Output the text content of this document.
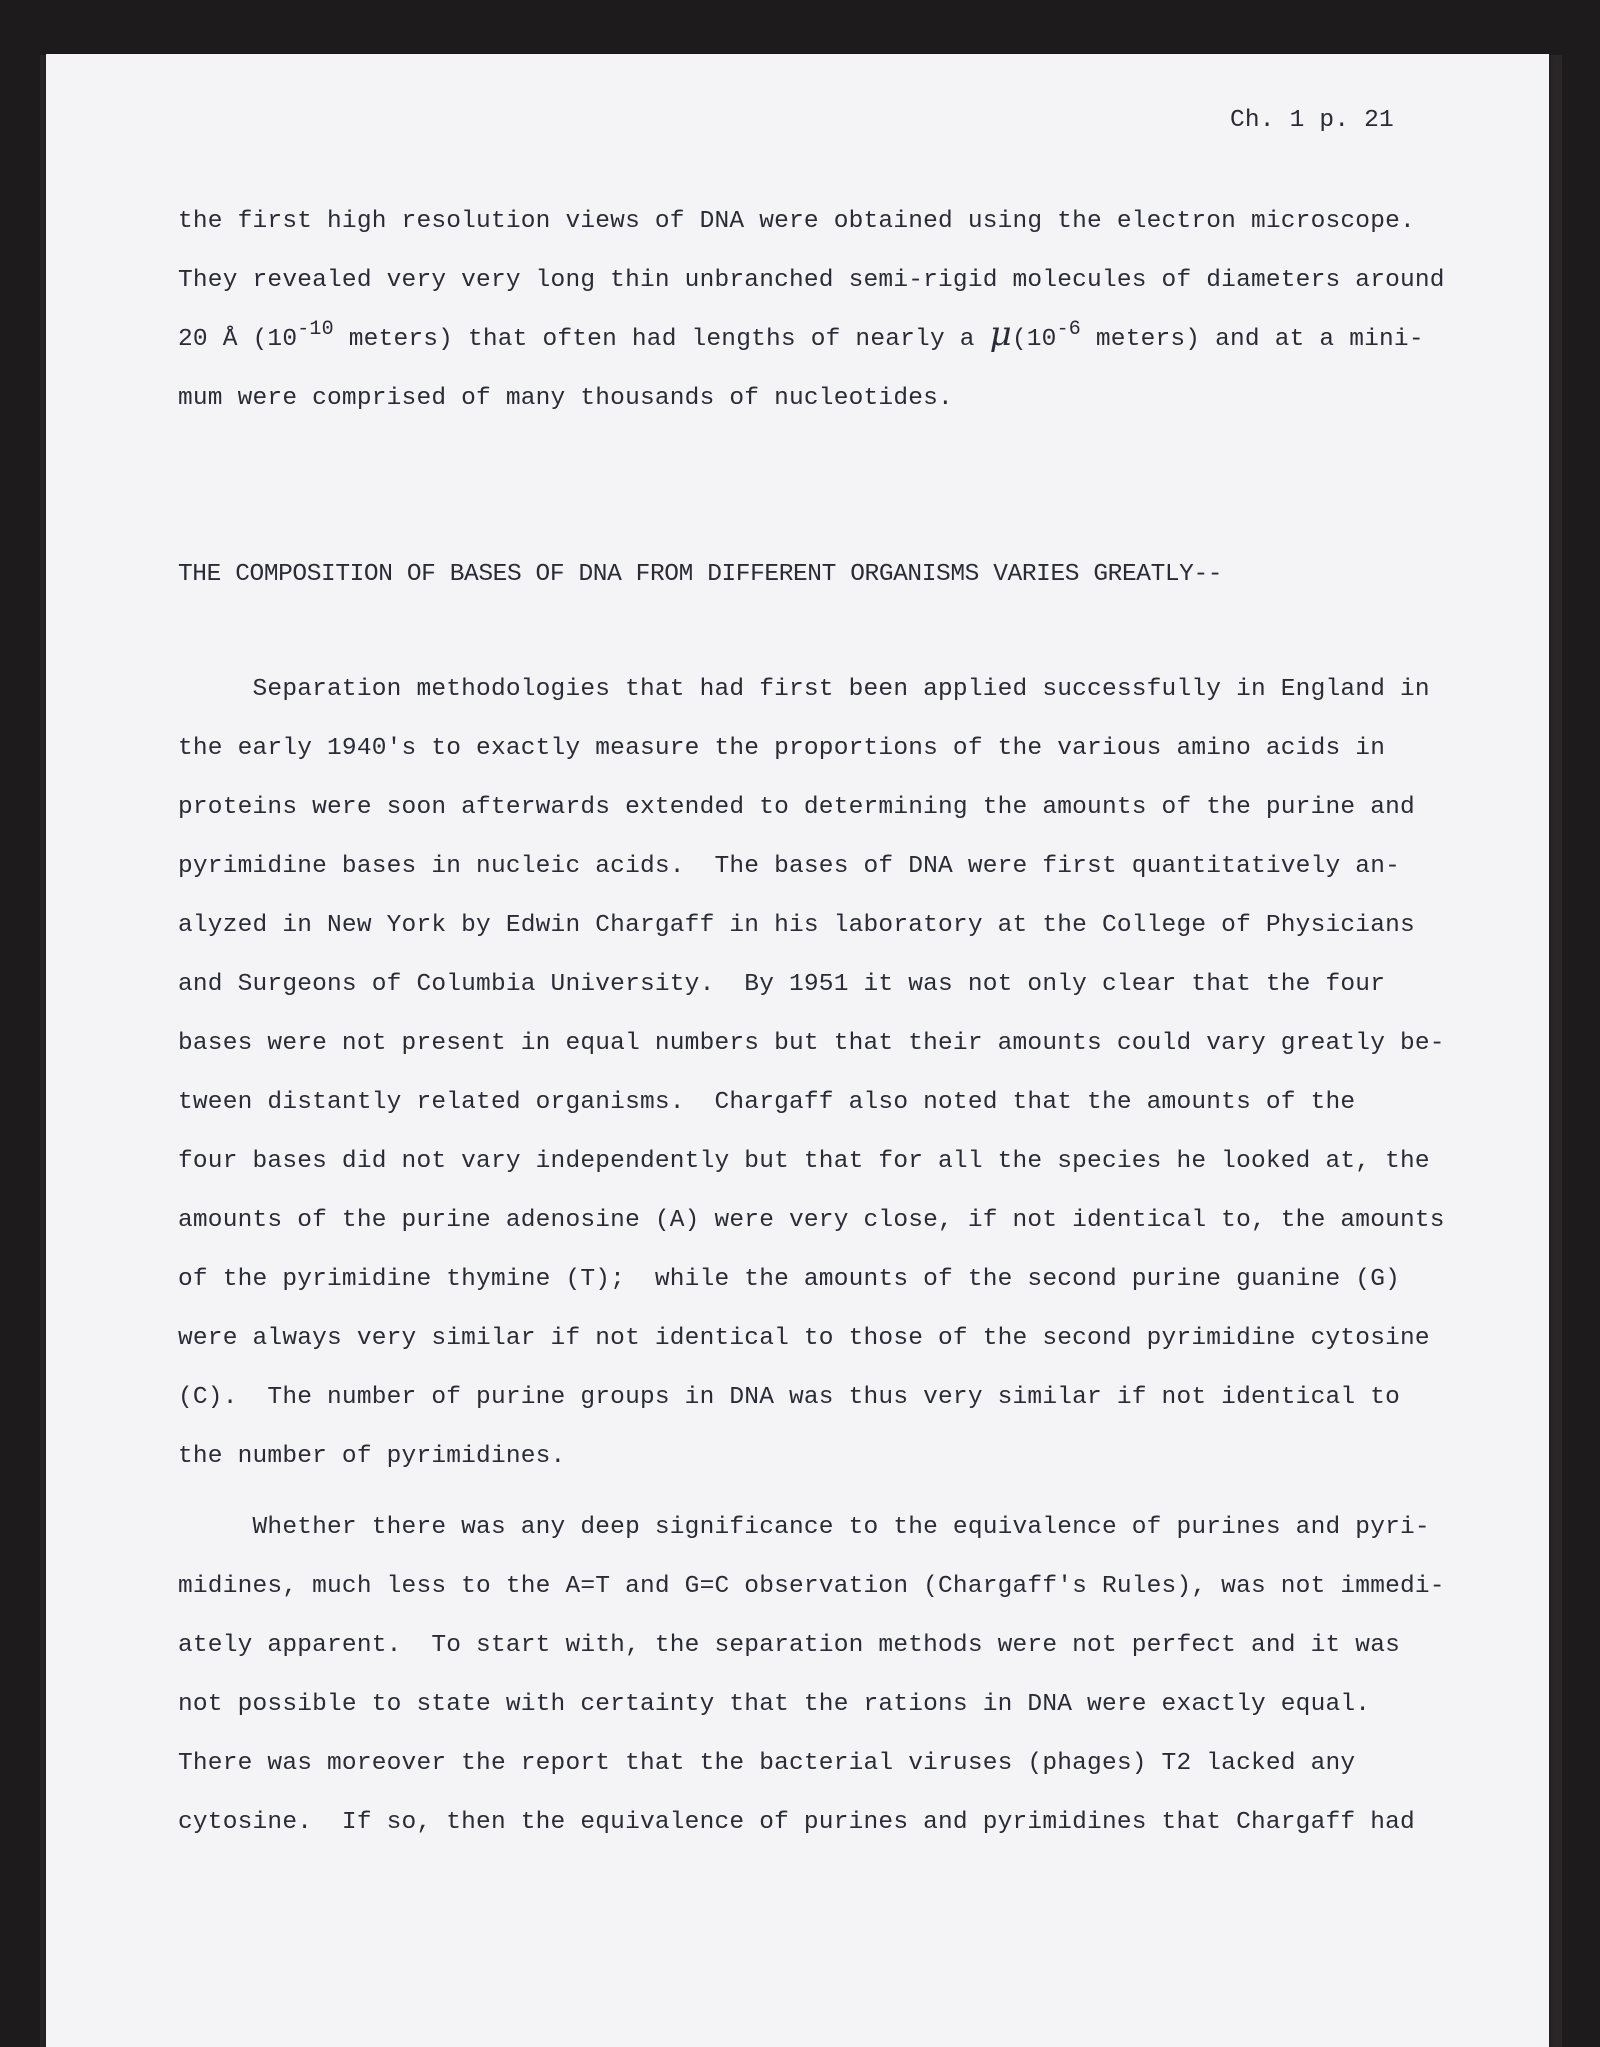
Ch. 1 p. 21
the first high resolution views of DNA were obtained using the electron microscope.
They revealed very very long thin unbranched semi-rigid molecules of diameters around
20 Å ($10^{-10}$ meters) that often had lengths of nearly a $\mu(10^{-6}$ meters) and at a mini-
mum were comprised of many thousands of nucleotides.
THE COMPOSITION OF BASES OF DNA FROM DIFFERENT ORGANISMS VARIES GREATLY--
Separation methodologies that had first been applied successfully in England in
the early 1940's to exactly measure the proportions of the various amino acids in
proteins were soon afterwards extended to determining the amounts of the purine and
pyrimidine bases in nucleic acids.  The bases of DNA were first quantitatively an-
alyzed in New York by Edwin Chargaff in his laboratory at the College of Physicians
and Surgeons of Columbia University.  By 1951 it was not only clear that the four
bases were not present in equal numbers but that their amounts could vary greatly be-
tween distantly related organisms.  Chargaff also noted that the amounts of the
four bases did not vary independently but that for all the species he looked at, the
amounts of the purine adenosine (A) were very close, if not identical to, the amounts
of the pyrimidine thymine (T);  while the amounts of the second purine guanine (G)
were always very similar if not identical to those of the second pyrimidine cytosine
(C).  The number of purine groups in DNA was thus very similar if not identical to
the number of pyrimidines.
Whether there was any deep significance to the equivalence of purines and pyri-
midines, much less to the A=T and G=C observation (Chargaff's Rules), was not immedi-
ately apparent.  To start with, the separation methods were not perfect and it was
not possible to state with certainty that the rations in DNA were exactly equal.
There was moreover the report that the bacterial viruses (phages) T2 lacked any
cytosine.  If so, then the equivalence of purines and pyrimidines that Chargaff had
